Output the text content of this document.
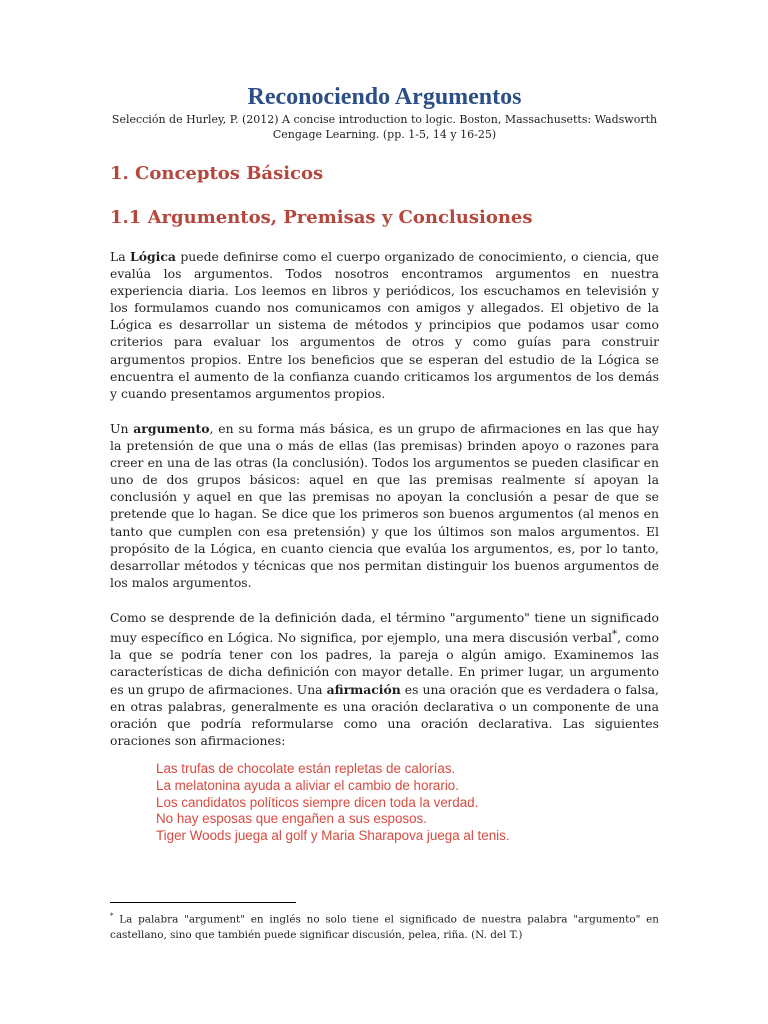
Reconociendo Argumentos

Selección de Hurley, P. (2012) A concise introduction to logic. Boston, Massachusetts: Wadsworth Cengage Learning. (pp. 1-5, 14 y 16-25)

1. Conceptos Básicos
1.1 Argumentos, Premisas y Conclusiones

La Lógica puede definirse como el cuerpo organizado de conocimiento, o ciencia, que evalúa los argumentos. Todos nosotros encontramos argumentos en nuestra experiencia diaria. Los leemos en libros y periódicos, los escuchamos en televisión y los formulamos cuando nos comunicamos con amigos y allegados. El objetivo de la Lógica es desarrollar un sistema de métodos y principios que podamos usar como criterios para evaluar los argumentos de otros y como guías para construir argumentos propios. Entre los beneficios que se esperan del estudio de la Lógica se encuentra el aumento de la confianza cuando criticamos los argumentos de los demás y cuando presentamos argumentos propios.

Un argumento, en su forma más básica, es un grupo de afirmaciones en las que hay la pretensión de que una o más de ellas (las premisas) brinden apoyo o razones para creer en una de las otras (la conclusión). Todos los argumentos se pueden clasificar en uno de dos grupos básicos: aquel en que las premisas realmente sí apoyan la conclusión y aquel en que las premisas no apoyan la conclusión a pesar de que se pretende que lo hagan. Se dice que los primeros son buenos argumentos (al menos en tanto que cumplen con esa pretensión) y que los últimos son malos argumentos. El propósito de la Lógica, en cuanto ciencia que evalúa los argumentos, es, por lo tanto, desarrollar métodos y técnicas que nos permitan distinguir los buenos argumentos de los malos argumentos.

Como se desprende de la definición dada, el término "argumento" tiene un significado muy específico en Lógica. No significa, por ejemplo, una mera discusión verbal*, como la que se podría tener con los padres, la pareja o algún amigo. Examinemos las características de dicha definición con mayor detalle. En primer lugar, un argumento es un grupo de afirmaciones. Una afirmación es una oración que es verdadera o falsa, en otras palabras, generalmente es una oración declarativa o un componente de una oración que podría reformularse como una oración declarativa. Las siguientes oraciones son afirmaciones:

Las trufas de chocolate están repletas de calorías.
La melatonina ayuda a aliviar el cambio de horario.
Los candidatos políticos siempre dicen toda la verdad.
No hay esposas que engañen a sus esposos.
Tiger Woods juega al golf y Maria Sharapova juega al tenis.

* La palabra "argument" en inglés no solo tiene el significado de nuestra palabra "argumento" en castellano, sino que también puede significar discusión, pelea, riña. (N. del T.)
